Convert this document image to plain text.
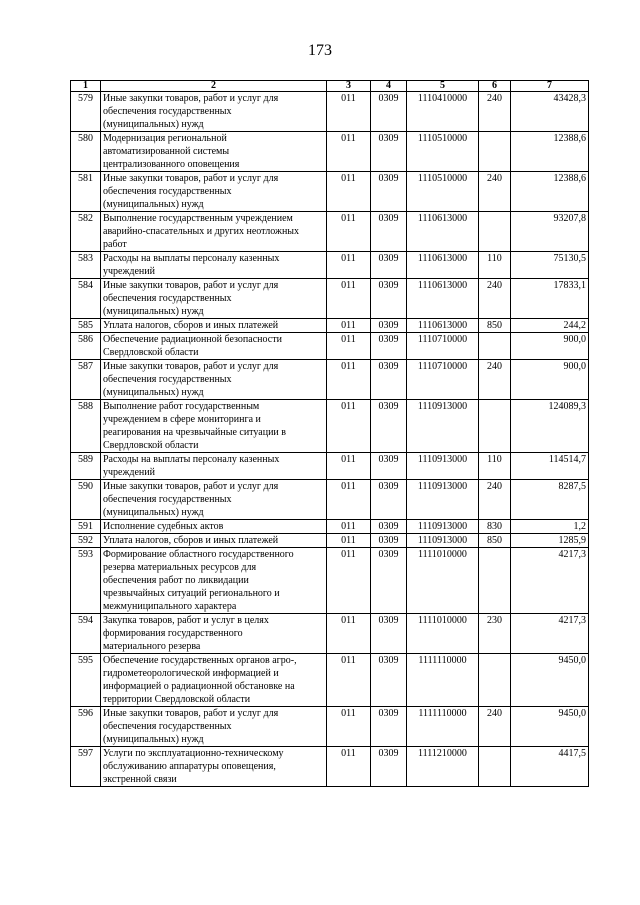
173
1	2	3	4	5	6	7
579	Иные закупки товаров, работ и услуг для
обеспечения государственных
(муниципальных) нужд	011	0309	1110410000	240	43428,3
580	Модернизация региональной
автоматизированной системы
централизованного оповещения	011	0309	1110510000		12388,6
581	Иные закупки товаров, работ и услуг для
обеспечения государственных
(муниципальных) нужд	011	0309	1110510000	240	12388,6
582	Выполнение государственным учреждением
аварийно-спасательных и других неотложных
работ	011	0309	1110613000		93207,8
583	Расходы на выплаты персоналу казенных
учреждений	011	0309	1110613000	110	75130,5
584	Иные закупки товаров, работ и услуг для
обеспечения государственных
(муниципальных) нужд	011	0309	1110613000	240	17833,1
585	Уплата налогов, сборов и иных платежей	011	0309	1110613000	850	244,2
586	Обеспечение радиационной безопасности
Свердловской области	011	0309	1110710000		900,0
587	Иные закупки товаров, работ и услуг для
обеспечения государственных
(муниципальных) нужд	011	0309	1110710000	240	900,0
588	Выполнение работ государственным
учреждением в сфере мониторинга и
реагирования на чрезвычайные ситуации в
Свердловской области	011	0309	1110913000		124089,3
589	Расходы на выплаты персоналу казенных
учреждений	011	0309	1110913000	110	114514,7
590	Иные закупки товаров, работ и услуг для
обеспечения государственных
(муниципальных) нужд	011	0309	1110913000	240	8287,5
591	Исполнение судебных актов	011	0309	1110913000	830	1,2
592	Уплата налогов, сборов и иных платежей	011	0309	1110913000	850	1285,9
593	Формирование областного государственного
резерва материальных ресурсов для
обеспечения работ по ликвидации
чрезвычайных ситуаций регионального и
межмуниципального характера	011	0309	1111010000		4217,3
594	Закупка товаров, работ и услуг в целях
формирования государственного
материального резерва	011	0309	1111010000	230	4217,3
595	Обеспечение государственных органов агро-,
гидрометеорологической информацией и
информацией о радиационной обстановке на
территории Свердловской области	011	0309	1111110000		9450,0
596	Иные закупки товаров, работ и услуг для
обеспечения государственных
(муниципальных) нужд	011	0309	1111110000	240	9450,0
597	Услуги по эксплуатационно-техническому
обслуживанию аппаратуры оповещения,
экстренной связи	011	0309	1111210000		4417,5
